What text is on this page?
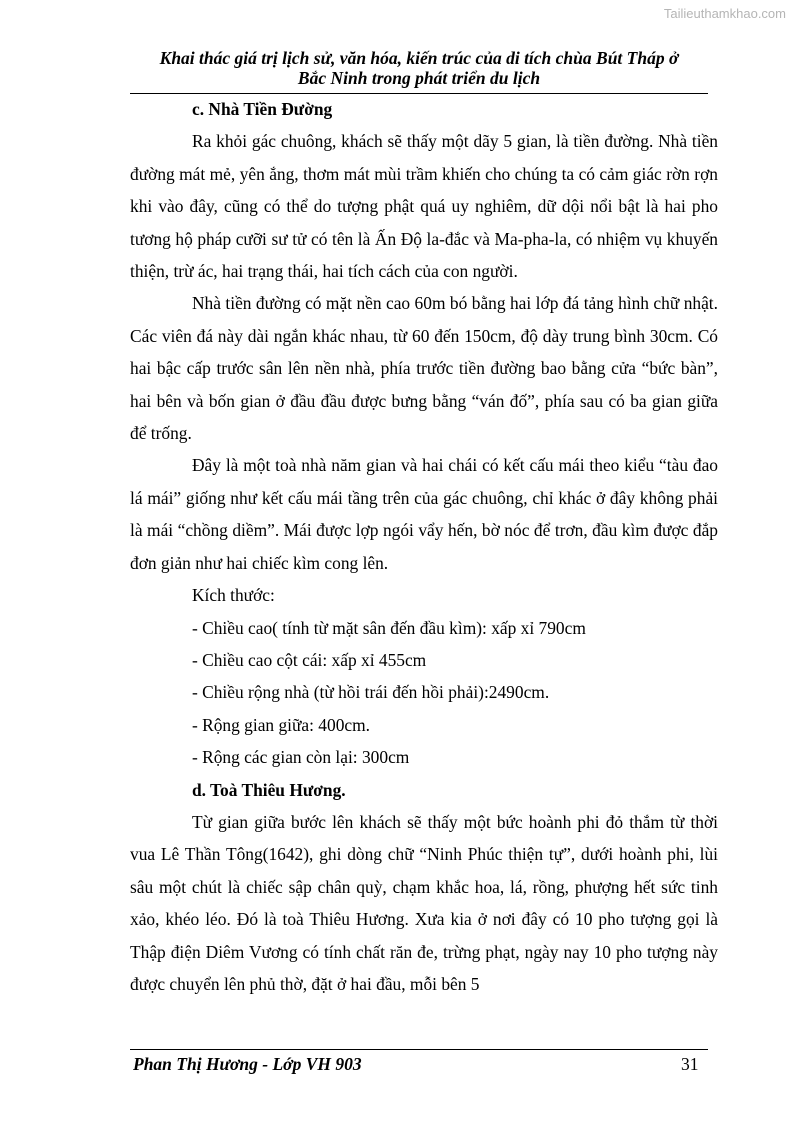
Tailieuthamkhao.com
Khai thác giá trị lịch sử, văn hóa, kiến trúc của di tích chùa Bút Tháp ở
Bắc Ninh trong phát triển du lịch

c. Nhà Tiền Đường

Ra khỏi gác chuông, khách sẽ thấy một dãy 5 gian, là tiền đường. Nhà tiền đường mát mẻ, yên ắng, thơm mát mùi trầm khiến cho chúng ta có cảm giác rờn rợn khi vào đây, cũng có thể do tượng phật quá uy nghiêm, dữ dội nổi bật là hai pho tương hộ pháp cưỡi sư tử có tên là Ấn Độ la-đắc và Ma-pha-la, có nhiệm vụ khuyến thiện, trừ ác, hai trạng thái, hai tích cách của con người.

Nhà tiền đường có mặt nền cao 60m bó bằng hai lớp đá tảng hình chữ nhật. Các viên đá này dài ngắn khác nhau, từ 60 đến 150cm, độ dày trung bình 30cm. Có hai bậc cấp trước sân lên nền nhà, phía trước tiền đường bao bằng cửa “bức bàn”, hai bên và bốn gian ở đầu đầu được bưng bằng “ván đố”, phía sau có ba gian giữa để trống.

Đây là một toà nhà năm gian và hai chái có kết cấu mái theo kiểu “tàu đao lá mái” giống như kết cấu mái tầng trên của gác chuông, chỉ khác ở đây không phải là mái “chồng diềm”. Mái được lợp ngói vẩy hến, bờ nóc để trơn, đầu kìm được đắp đơn giản như hai chiếc kìm cong lên.

Kích thước:

- Chiều cao( tính từ mặt sân đến đầu kìm): xấp xỉ 790cm

- Chiều cao cột cái: xấp xỉ 455cm

- Chiều rộng nhà (từ hồi trái đến hồi phải):2490cm.

- Rộng gian giữa: 400cm.

- Rộng các gian còn lại: 300cm

d. Toà Thiêu Hương.

Từ gian giữa bước lên khách sẽ thấy một bức hoành phi đỏ thắm từ thời vua Lê Thần Tông(1642), ghi dòng chữ “Ninh Phúc thiện tự”, dưới hoành phi, lùi sâu một chút là chiếc sập chân quỳ, chạm khắc hoa, lá, rồng, phượng hết sức tinh xảo, khéo léo. Đó là toà Thiêu Hương. Xưa kia ở nơi đây có 10 pho tượng gọi là Thập điện Diêm Vương có tính chất răn đe, trừng phạt, ngày nay 10 pho tượng này được chuyển lên phủ thờ, đặt ở hai đầu, mỗi bên 5

Phan Thị Hương - Lớp VH 903	31
